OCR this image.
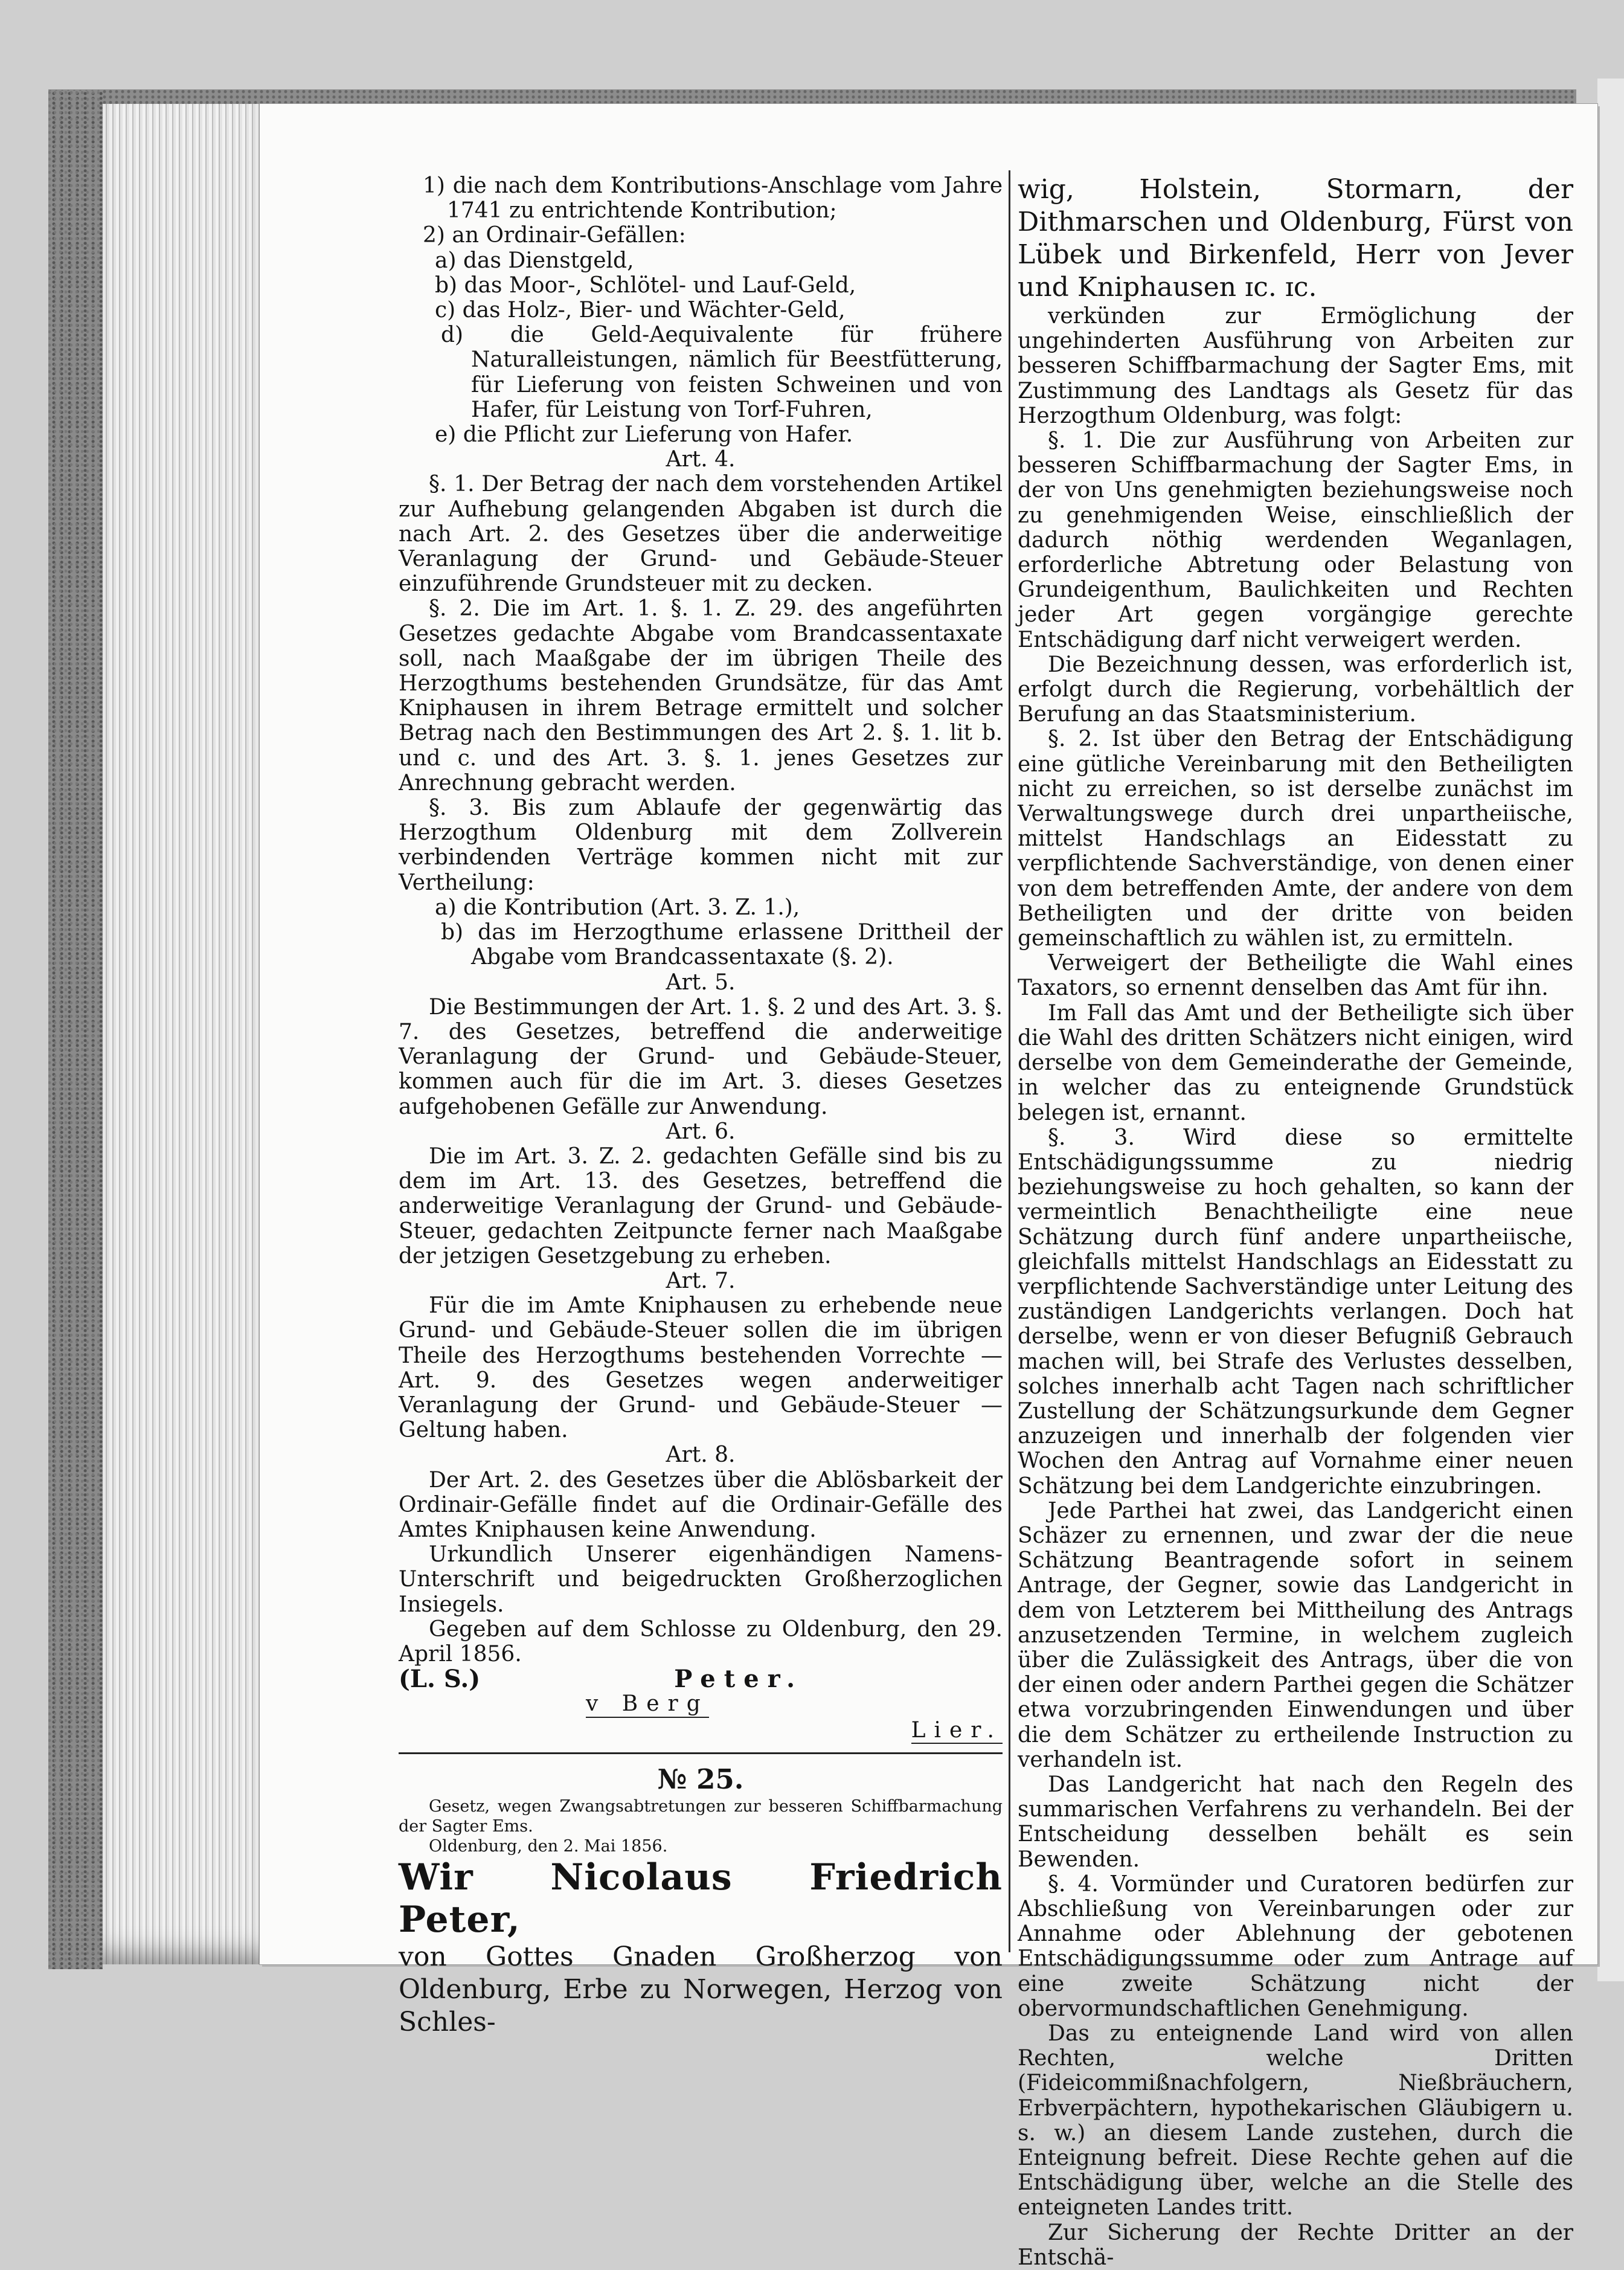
1) die nach dem Kontributions-Anschlage vom Jahre 1741 zu entrichtende Kontribution;

2) an Ordinair-Gefällen:

a) das Dienstgeld,

b) das Moor-, Schlötel- und Lauf-Geld,

c) das Holz-, Bier- und Wächter-Geld,

d) die Geld-Aequivalente für frühere Naturalleistungen, nämlich für Beestfütterung, für Lieferung von feisten Schweinen und von Hafer, für Leistung von Torf-Fuhren,

e) die Pflicht zur Lieferung von Hafer.

Art. 4.

§. 1. Der Betrag der nach dem vorstehenden Artikel zur Aufhebung gelangenden Abgaben ist durch die nach Art. 2. des Gesetzes über die anderweitige Veranlagung der Grund- und Gebäude-Steuer einzuführende Grundsteuer mit zu decken.

§. 2. Die im Art. 1. §. 1. Z. 29. des angeführten Gesetzes gedachte Abgabe vom Brandcassentaxate soll, nach Maaßgabe der im übrigen Theile des Herzogthums bestehenden Grundsätze, für das Amt Kniphausen in ihrem Betrage ermittelt und solcher Betrag nach den Bestimmungen des Art 2. §. 1. lit b. und c. und des Art. 3. §. 1. jenes Gesetzes zur Anrechnung gebracht werden.

§. 3. Bis zum Ablaufe der gegenwärtig das Herzogthum Oldenburg mit dem Zollverein verbindenden Verträge kommen nicht mit zur Vertheilung:

a) die Kontribution (Art. 3. Z. 1.),

b) das im Herzogthume erlassene Drittheil der Abgabe vom Brandcassentaxate (§. 2).

Art. 5.

Die Bestimmungen der Art. 1. §. 2 und des Art. 3. §. 7. des Gesetzes, betreffend die anderweitige Veranlagung der Grund- und Gebäude-Steuer, kommen auch für die im Art. 3. dieses Gesetzes aufgehobenen Gefälle zur Anwendung.

Art. 6.

Die im Art. 3. Z. 2. gedachten Gefälle sind bis zu dem im Art. 13. des Gesetzes, betreffend die anderweitige Veranlagung der Grund- und Gebäude-Steuer, gedachten Zeitpuncte ferner nach Maaßgabe der jetzigen Gesetzgebung zu erheben.

Art. 7.

Für die im Amte Kniphausen zu erhebende neue Grund- und Gebäude-Steuer sollen die im übrigen Theile des Herzogthums bestehenden Vorrechte — Art. 9. des Gesetzes wegen anderweitiger Veranlagung der Grund- und Gebäude-Steuer — Geltung haben.

Art. 8.

Der Art. 2. des Gesetzes über die Ablösbarkeit der Ordinair-Gefälle findet auf die Ordinair-Gefälle des Amtes Kniphausen keine Anwendung.

Urkundlich Unserer eigenhändigen Namens-Unterschrift und beigedruckten Großherzoglichen Insiegels.

Gegeben auf dem Schlosse zu Oldenburg, den 29. April 1856.

(L. S.)	Peter.

v Berg

Lier.

№ 25.

Gesetz, wegen Zwangsabtretungen zur besseren Schiffbarmachung der Sagter Ems.

Oldenburg, den 2. Mai 1856.

Wir Nicolaus Friedrich Peter,

von Gottes Gnaden Großherzog von Oldenburg, Erbe zu Norwegen, Herzog von Schles-

wig, Holstein, Stormarn, der Dithmarschen und Oldenburg, Fürst von Lübek und Birkenfeld, Herr von Jever und Kniphausen ɪc. ɪc.

verkünden zur Ermöglichung der ungehinderten Ausführung von Arbeiten zur besseren Schiffbarmachung der Sagter Ems, mit Zustimmung des Landtags als Gesetz für das Herzogthum Oldenburg, was folgt:

§. 1. Die zur Ausführung von Arbeiten zur besseren Schiffbarmachung der Sagter Ems, in der von Uns genehmigten beziehungsweise noch zu genehmigenden Weise, einschließlich der dadurch nöthig werdenden Weganlagen, erforderliche Abtretung oder Belastung von Grundeigenthum, Baulichkeiten und Rechten jeder Art gegen vorgängige gerechte Entschädigung darf nicht verweigert werden.

Die Bezeichnung dessen, was erforderlich ist, erfolgt durch die Regierung, vorbehältlich der Berufung an das Staatsministerium.

§. 2. Ist über den Betrag der Entschädigung eine gütliche Vereinbarung mit den Betheiligten nicht zu erreichen, so ist derselbe zunächst im Verwaltungswege durch drei unpartheiische, mittelst Handschlags an Eidesstatt zu verpflichtende Sachverständige, von denen einer von dem betreffenden Amte, der andere von dem Betheiligten und der dritte von beiden gemeinschaftlich zu wählen ist, zu ermitteln.

Verweigert der Betheiligte die Wahl eines Taxators, so ernennt denselben das Amt für ihn.

Im Fall das Amt und der Betheiligte sich über die Wahl des dritten Schätzers nicht einigen, wird derselbe von dem Gemeinderathe der Gemeinde, in welcher das zu enteignende Grundstück belegen ist, ernannt.

§. 3. Wird diese so ermittelte Entschädigungssumme zu niedrig beziehungsweise zu hoch gehalten, so kann der vermeintlich Benachtheiligte eine neue Schätzung durch fünf andere unpartheiische, gleichfalls mittelst Handschlags an Eidesstatt zu verpflichtende Sachverständige unter Leitung des zuständigen Landgerichts verlangen. Doch hat derselbe, wenn er von dieser Befugniß Gebrauch machen will, bei Strafe des Verlustes desselben, solches innerhalb acht Tagen nach schriftlicher Zustellung der Schätzungsurkunde dem Gegner anzuzeigen und innerhalb der folgenden vier Wochen den Antrag auf Vornahme einer neuen Schätzung bei dem Landgerichte einzubringen.

Jede Parthei hat zwei, das Landgericht einen Schäzer zu ernennen, und zwar der die neue Schätzung Beantragende sofort in seinem Antrage, der Gegner, sowie das Landgericht in dem von Letzterem bei Mittheilung des Antrags anzusetzenden Termine, in welchem zugleich über die Zulässigkeit des Antrags, über die von der einen oder andern Parthei gegen die Schätzer etwa vorzubringenden Einwendungen und über die dem Schätzer zu ertheilende Instruction zu verhandeln ist.

Das Landgericht hat nach den Regeln des summarischen Verfahrens zu verhandeln. Bei der Entscheidung desselben behält es sein Bewenden.

§. 4. Vormünder und Curatoren bedürfen zur Abschließung von Vereinbarungen oder zur Annahme oder Ablehnung der gebotenen Entschädigungssumme oder zum Antrage auf eine zweite Schätzung nicht der obervormundschaftlichen Genehmigung.

Das zu enteignende Land wird von allen Rechten, welche Dritten (Fideicommißnachfolgern, Nießbräuchern, Erbverpächtern, hypothekarischen Gläubigern u. s. w.) an diesem Lande zustehen, durch die Enteignung befreit. Diese Rechte gehen auf die Entschädigung über, welche an die Stelle des enteigneten Landes tritt.

Zur Sicherung der Rechte Dritter an der Entschä-
